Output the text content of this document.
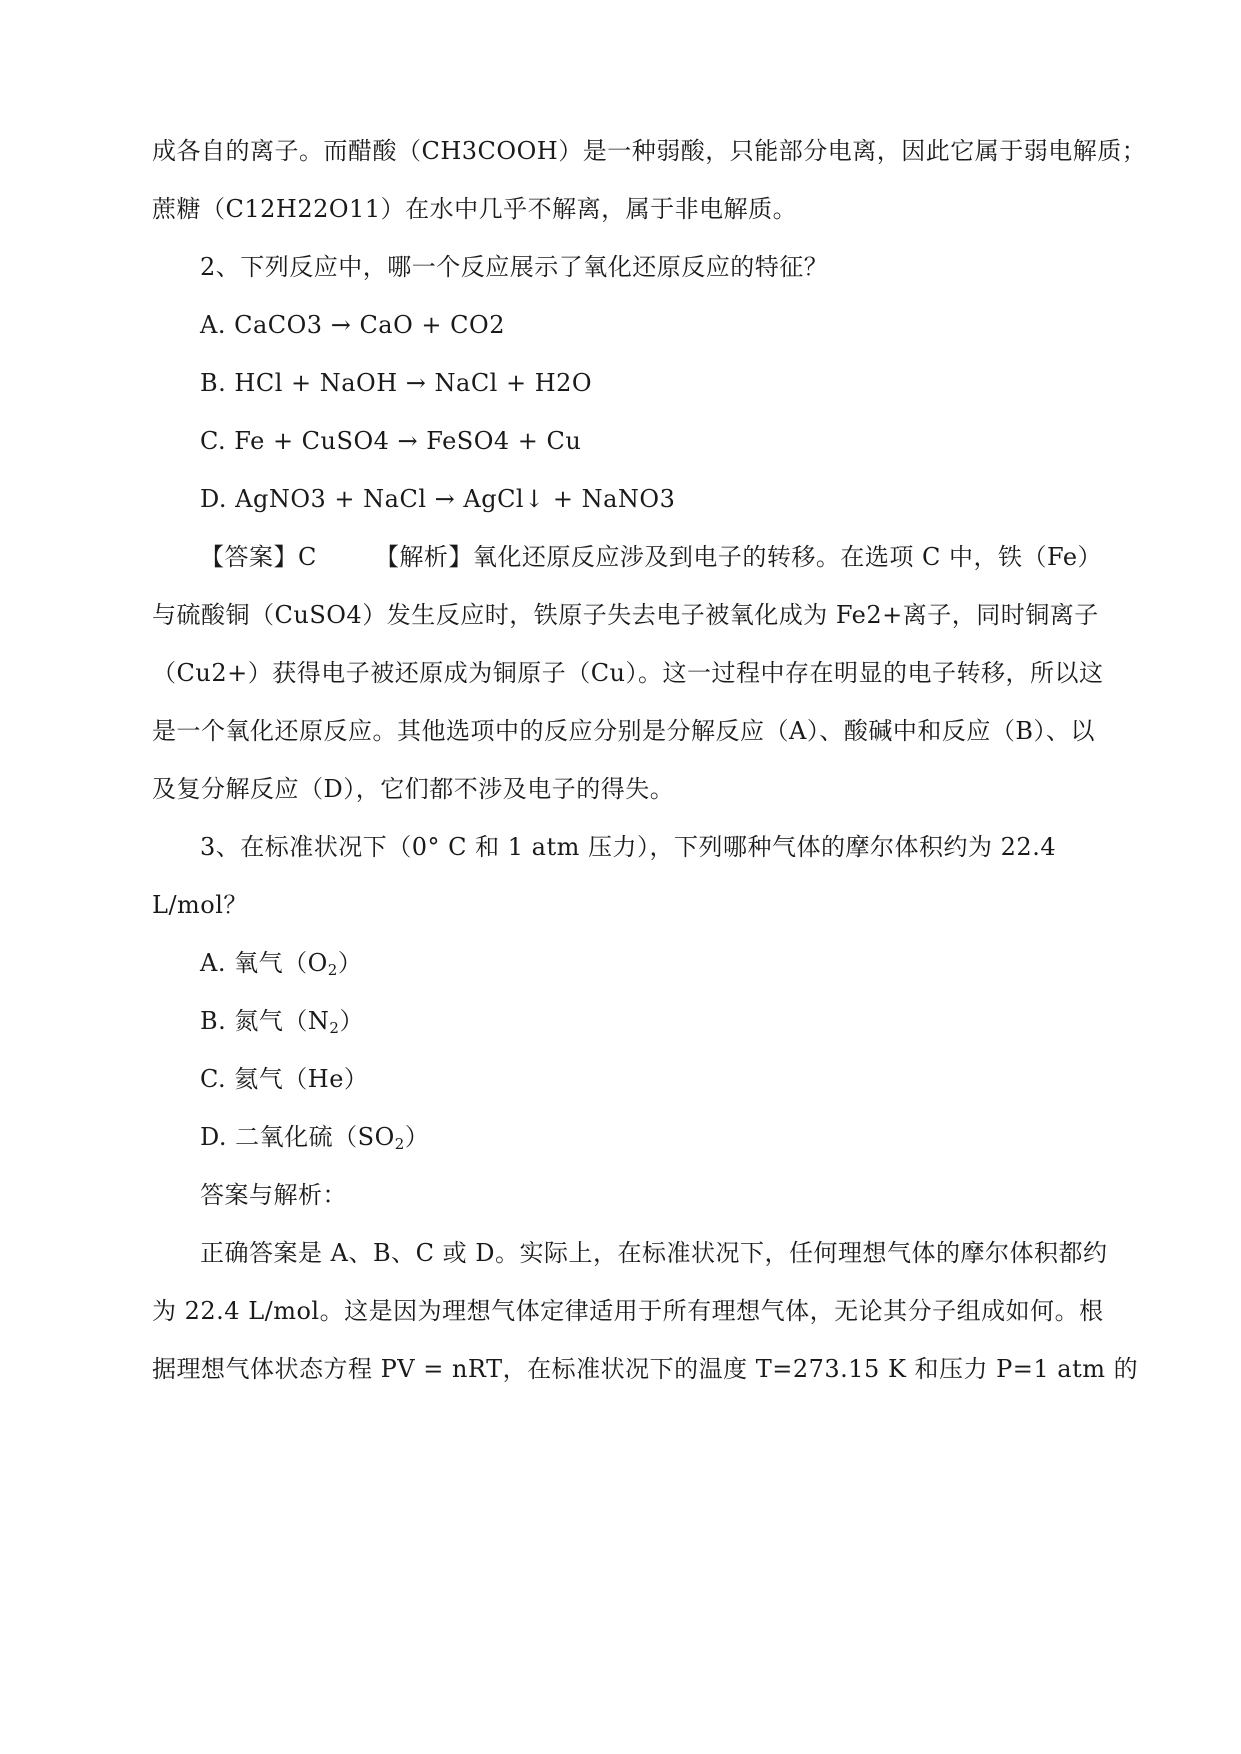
成各自的离子。而醋酸（CH3COOH）是一种弱酸，只能部分电离，因此它属于弱电解质；
蔗糖（C12H22O11）在水中几乎不解离，属于非电解质。
2、下列反应中，哪一个反应展示了氧化还原反应的特征？
A. CaCO3 → CaO + CO2
B. HCl + NaOH → NaCl + H2O
C. Fe + CuSO4 → FeSO4 + Cu
D. AgNO3 + NaCl → AgCl↓ + NaNO3
【答案】C 【解析】氧化还原反应涉及到电子的转移。在选项 C 中，铁（Fe）
与硫酸铜（CuSO4）发生反应时，铁原子失去电子被氧化成为 Fe2+离子，同时铜离子
（Cu2+）获得电子被还原成为铜原子（Cu）。这一过程中存在明显的电子转移，所以这
是一个氧化还原反应。其他选项中的反应分别是分解反应（A）、酸碱中和反应（B）、以
及复分解反应（D），它们都不涉及电子的得失。
3、在标准状况下（0° C 和 1 atm 压力），下列哪种气体的摩尔体积约为 22.4
L/mol？
A. 氧气$(O_2)$
B. 氮气$(N_2)$
C. 氦气（He）
D. 二氧化硫$(SO_2)$
答案与解析：
正确答案是 A、B、C 或 D。实际上，在标准状况下，任何理想气体的摩尔体积都约
为 22.4 L/mol。这是因为理想气体定律适用于所有理想气体，无论其分子组成如何。根
据理想气体状态方程 PV = nRT，在标准状况下的温度 T=273.15 K 和压力 P=1 atm 的
